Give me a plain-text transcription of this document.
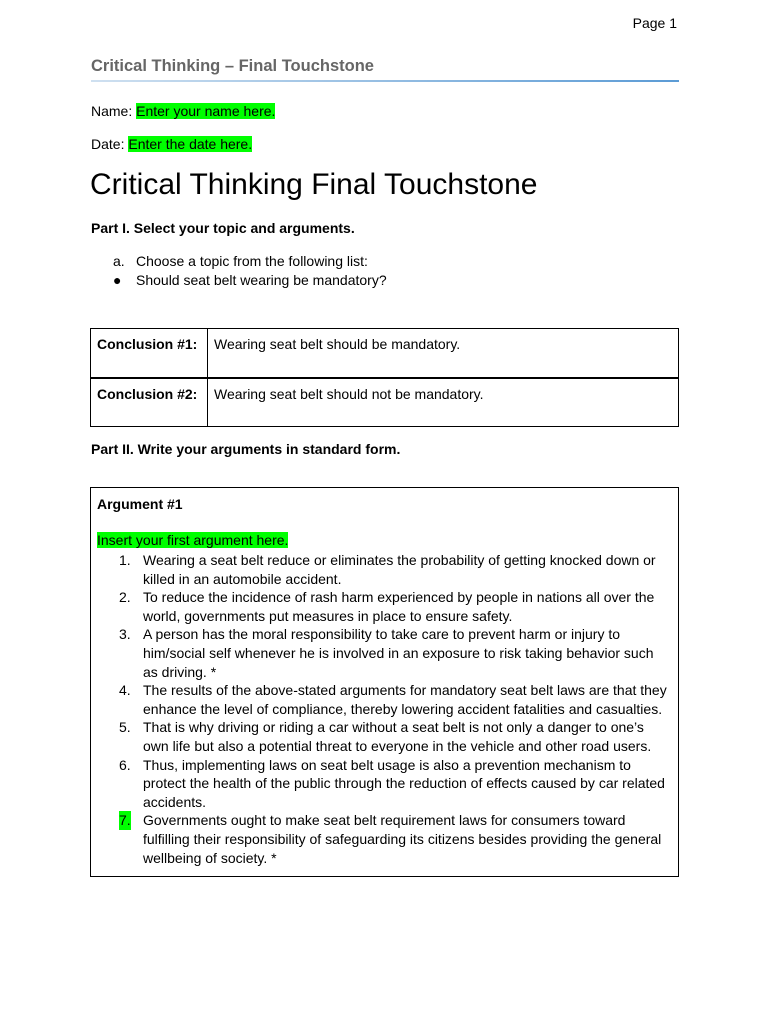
Page 1
Critical Thinking – Final Touchstone
Name: Enter your name here.
Date: Enter the date here.
Critical Thinking Final Touchstone
Part I. Select your topic and arguments.
a. Choose a topic from the following list:
●	Should seat belt wearing be mandatory?
Conclusion #1:	Wearing seat belt should be mandatory.
Conclusion #2:	Wearing seat belt should not be mandatory.
Part II. Write your arguments in standard form.
Argument #1
Insert your first argument here.
1. Wearing a seat belt reduce or eliminates the probability of getting knocked down or killed in an automobile accident.
2. To reduce the incidence of rash harm experienced by people in nations all over the world, governments put measures in place to ensure safety.
3. A person has the moral responsibility to take care to prevent harm or injury to him/social self whenever he is involved in an exposure to risk taking behavior such as driving. *
4. The results of the above-stated arguments for mandatory seat belt laws are that they enhance the level of compliance, thereby lowering accident fatalities and casualties.
5. That is why driving or riding a car without a seat belt is not only a danger to one’s own life but also a potential threat to everyone in the vehicle and other road users.
6. Thus, implementing laws on seat belt usage is also a prevention mechanism to protect the health of the public through the reduction of effects caused by car related accidents.
7. Governments ought to make seat belt requirement laws for consumers toward fulfilling their responsibility of safeguarding its citizens besides providing the general wellbeing of society. *
